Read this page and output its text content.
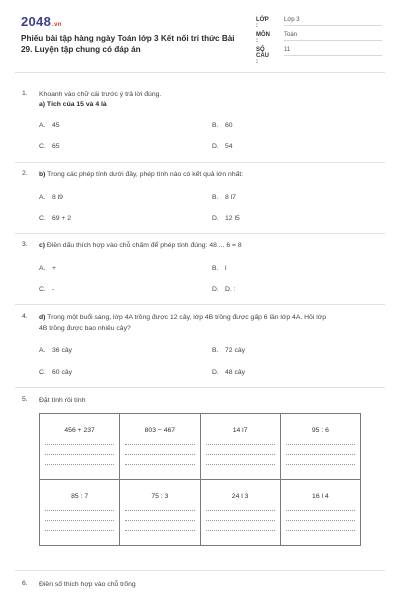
2048.vn
Phiếu bài tập hàng ngày Toán lớp 3 Kết nối tri thức Bài 29. Luyện tập chung có đáp án
LỚP :
Lớp 3
MÔN :
Toán
SỐ CÂU :
11
1. Khoanh vào chữ cái trước ý trả lời đúng.
a) Tích của 15 và 4 là
A. 45	B. 60
C. 65	D. 54
2. b) Trong các phép tính dưới đây, phép tính nào có kết quả lớn nhất:
A. 8 l9	B. 8 l7
C. 69 + 2	D. 12 l5
3. c) Điền dấu thích hợp vào chỗ chấm để phép tính đúng: 48 ... 6 = 8
A. +	B. l
C. -	D. D. :
4. d) Trong một buổi sáng, lớp 4A trồng được 12 cây, lớp 4B trồng được gấp 6 lần lớp 4A. Hỏi lớp
4B trồng được bao nhiêu cây?
A. 36 cây	B. 72 cây
C. 60 cây	D. 48 cây
5. Đặt tính rồi tính
456 + 237	803 − 467	14 l7	95 : 6

85 : 7	75 : 3	24 l 3	16 l 4
6. Điền số thích hợp vào chỗ trống
